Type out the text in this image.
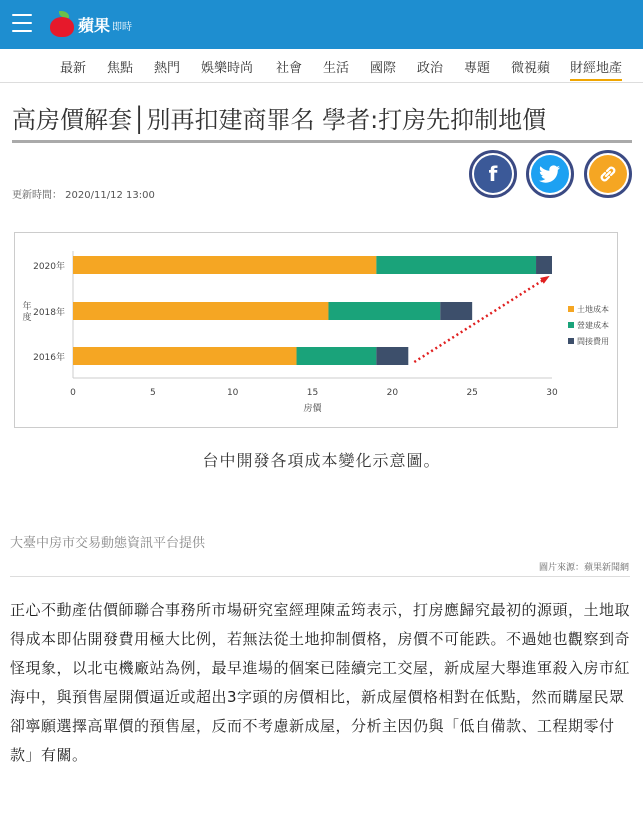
蘋果 即時
最新 焦點 熱門 娛樂時尚 社會 生活 國際 政治 專題 微視蘋 財經地產
高房價解套│別再扣建商罪名 學者:打房先抑制地價
f
更新時間： 2020/11/12 13:00
2020年
2018年
2016年
0	5	10	15	20	25	30
房價
年度
土地成本
營建成本
間接費用
台中開發各項成本變化示意圖。
大臺中房市交易動態資訊平台提供
圖片來源：蘋果新聞網
正心不動產估價師聯合事務所市場研究室經理陳孟筠表示，打房應歸究最初的源頭，土地取得成本即佔開發費用極大比例，若無法從土地抑制價格，房價不可能跌。不過她也觀察到奇怪現象，以北屯機廠站為例，最早進場的個案已陸續完工交屋，新成屋大舉進軍殺入房市紅海中，與預售屋開價逼近或超出3字頭的房價相比，新成屋價格相對在低點，然而購屋民眾卻寧願選擇高單價的預售屋，反而不考慮新成屋，分析主因仍與「低自備款、工程期零付款」有關。
